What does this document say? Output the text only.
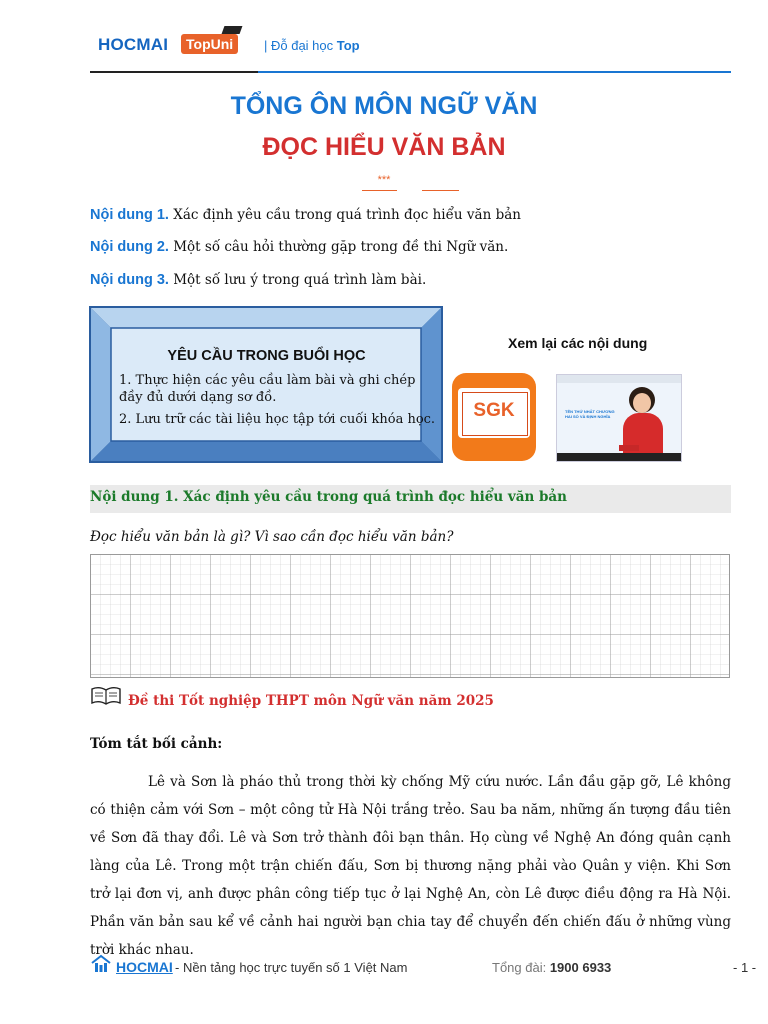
HOCMAI	TopUni	| Đỗ đại học Top
TỔNG ÔN MÔN NGỮ VĂN
ĐỌC HIỂU VĂN BẢN
***
Nội dung 1. Xác định yêu cầu trong quá trình đọc hiểu văn bản
Nội dung 2. Một số câu hỏi thường gặp trong đề thi Ngữ văn.
Nội dung 3. Một số lưu ý trong quá trình làm bài.
YÊU CẦU TRONG BUỔI HỌC
1. Thực hiện các yêu cầu làm bài và ghi chép
đầy đủ dưới dạng sơ đồ.
2. Lưu trữ các tài liệu học tập tới cuối khóa học.
Xem lại các nội dung
SGK	TÊN THỨ NHẤT CHƯƠNG HAI SỐ VÀ ĐỊNH NGHĨA
Nội dung 1. Xác định yêu cầu trong quá trình đọc hiểu văn bản
Đọc hiểu văn bản là gì? Vì sao cần đọc hiểu văn bản?
Đề thi Tốt nghiệp THPT môn Ngữ văn năm 2025
Tóm tắt bối cảnh:
Lê và Sơn là pháo thủ trong thời kỳ chống Mỹ cứu nước. Lần đầu gặp gỡ, Lê không có thiện cảm với Sơn – một công tử Hà Nội trắng trẻo. Sau ba năm, những ấn tượng đầu tiên về Sơn đã thay đổi. Lê và Sơn trở thành đôi bạn thân. Họ cùng về Nghệ An đóng quân cạnh làng của Lê. Trong một trận chiến đấu, Sơn bị thương nặng phải vào Quân y viện. Khi Sơn trở lại đơn vị, anh được phân công tiếp tục ở lại Nghệ An, còn Lê được điều động ra Hà Nội. Phần văn bản sau kể về cảnh hai người bạn chia tay để chuyển đến chiến đấu ở những vùng trời khác nhau.
HOCMAI - Nền tảng học trực tuyến số 1 Việt Nam	Tổng đài: 1900 6933	- 1 -
